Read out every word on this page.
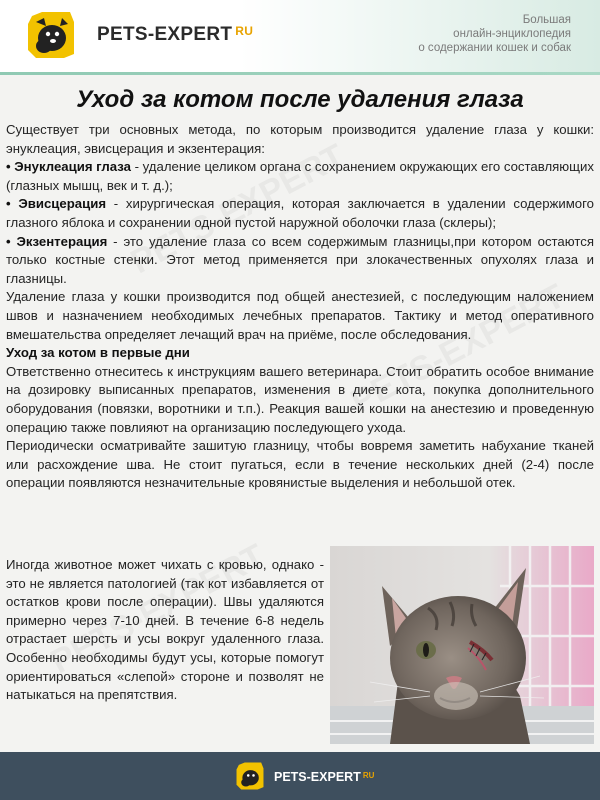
PETS-EXPERT $^{RU}$
Большая
онлайн-энциклопедия
о содержании кошек и собак
Уход за котом после удаления глаза

Существует три основных метода, по которым производится удаление глаза у кошки: энуклеация, эвисцерация и экзентерация:

• Энуклеация глаза - удаление целиком органа с сохранением окружающих его составляющих (глазных мышц, век и т. д.);

• Эвисцерация - хирургическая операция, которая заключается в удалении содержимого глазного яблока и сохранении одной пустой наружной оболочки глаза (склеры);

• Экзентерация - это удаление глаза со всем содержимым глазницы,при котором остаются только костные стенки. Этот метод применяется при злокачественных опухолях глаза и глазницы.

Удаление глаза у кошки производится под общей анестезией, с последующим наложением швов и назначением необходимых лечебных препаратов. Тактику и метод оперативного вмешательства определяет лечащий врач на приёме, после обследования.

Уход за котом в первые дни

Ответственно отнеситесь к инструкциям вашего ветеринара. Стоит обратить особое внимание на дозировку выписанных препаратов, изменения в диете кота, покупка дополнительного оборудования (повязки, воротники и т.п.). Реакция вашей кошки на анестезию и проведенную операцию также повлияют на организацию последующего ухода.

Периодически осматривайте зашитую глазницу, чтобы вовремя заметить набухание тканей или расхождение шва. Не стоит пугаться, если в течение нескольких дней (2-4) после операции появляются незначительные кровянистые выделения и небольшой отек.

Иногда животное может чихать с кровью, однако - это не является патологией (так кот избавляется от остатков крови после операции). Швы удаляются примерно через 7-10 дней. В течение 6-8 недель отрастает шерсть и усы вокруг удаленного глаза. Особенно необходимы будут усы, которые помогут ориентироваться «слепой» стороне и позволят не натыкаться на препятствия.

PETS-EXPERT $^{RU}$
